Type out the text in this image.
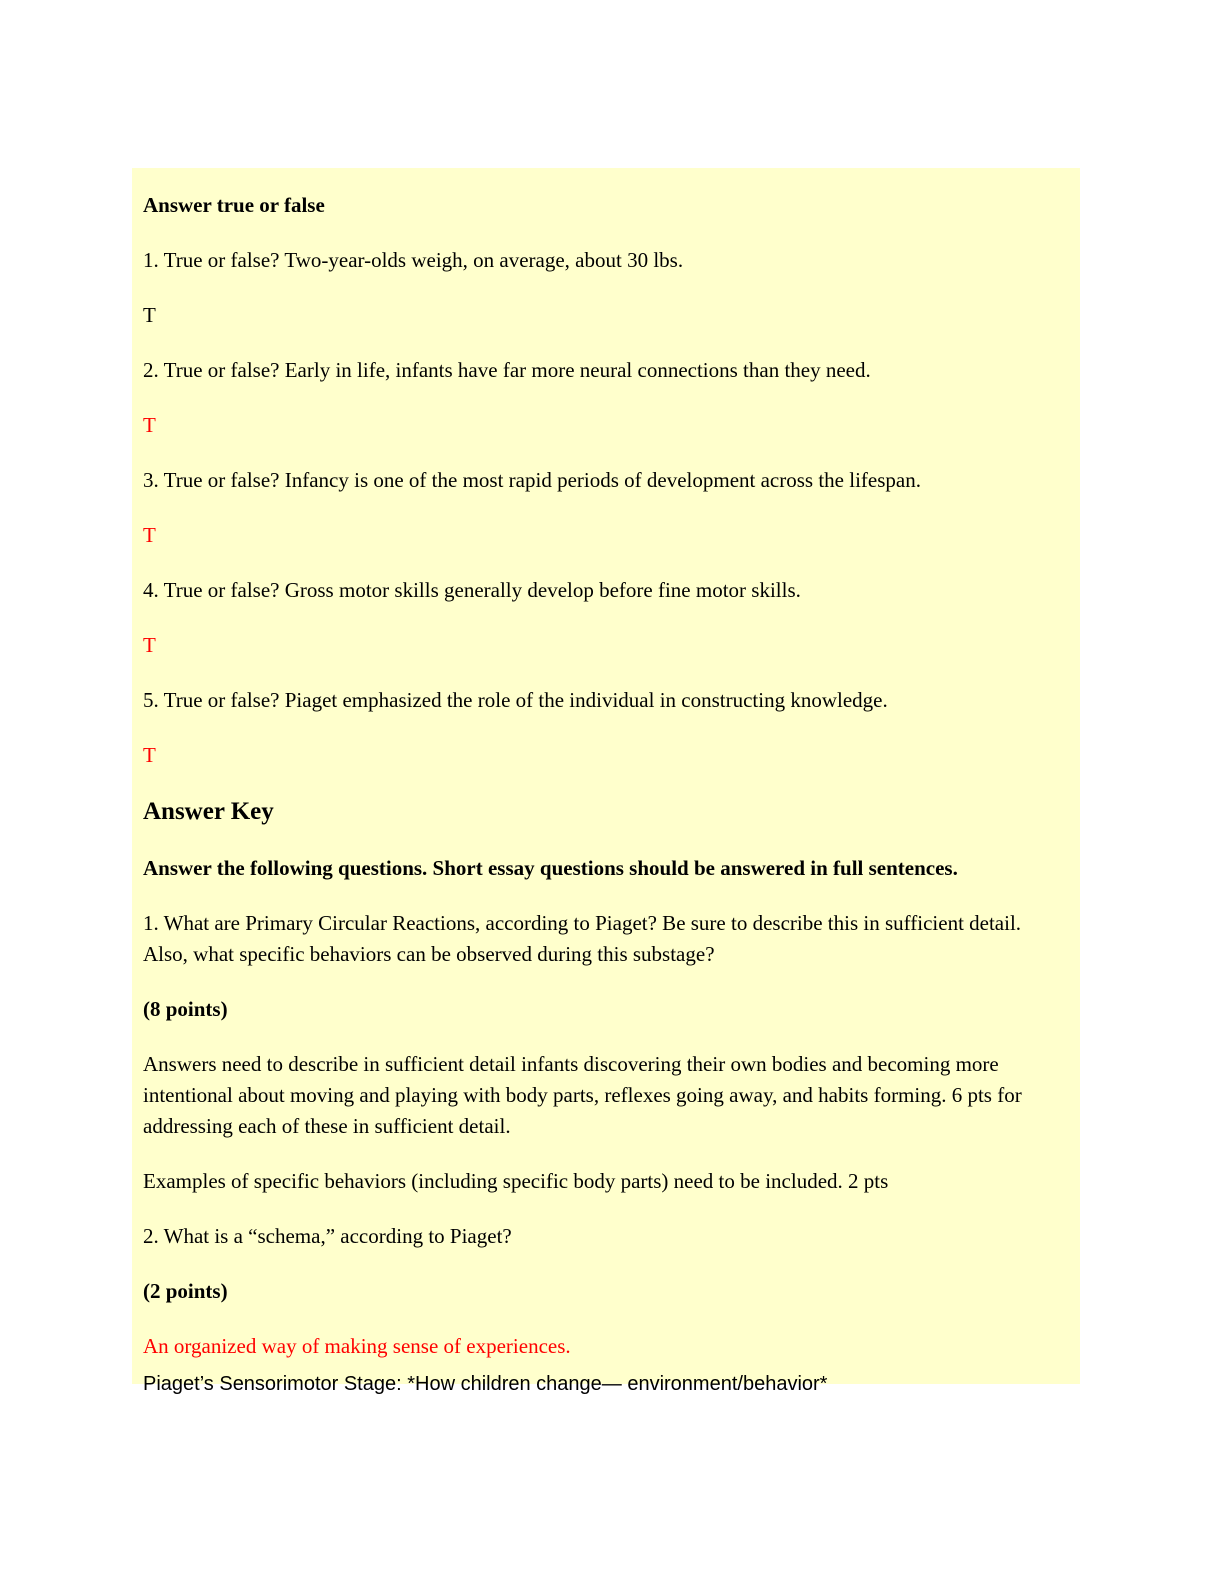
Answer true or false

1. True or false? Two-year-olds weigh, on average, about 30 lbs.

T

2. True or false? Early in life, infants have far more neural connections than they need.

T

3. True or false? Infancy is one of the most rapid periods of development across the lifespan.

T

4. True or false? Gross motor skills generally develop before fine motor skills.

T

5. True or false? Piaget emphasized the role of the individual in constructing knowledge.

T

Answer Key

Answer the following questions. Short essay questions should be answered in full sentences.

1. What are Primary Circular Reactions, according to Piaget? Be sure to describe this in sufficient detail. Also, what specific behaviors can be observed during this substage?

(8 points)

Answers need to describe in sufficient detail infants discovering their own bodies and becoming more intentional about moving and playing with body parts, reflexes going away, and habits forming. 6 pts for addressing each of these in sufficient detail.

Examples of specific behaviors (including specific body parts) need to be included. 2 pts

2. What is a “schema,” according to Piaget?

(2 points)

An organized way of making sense of experiences.

Piaget’s Sensorimotor Stage: *How children change— environment/behavior*
